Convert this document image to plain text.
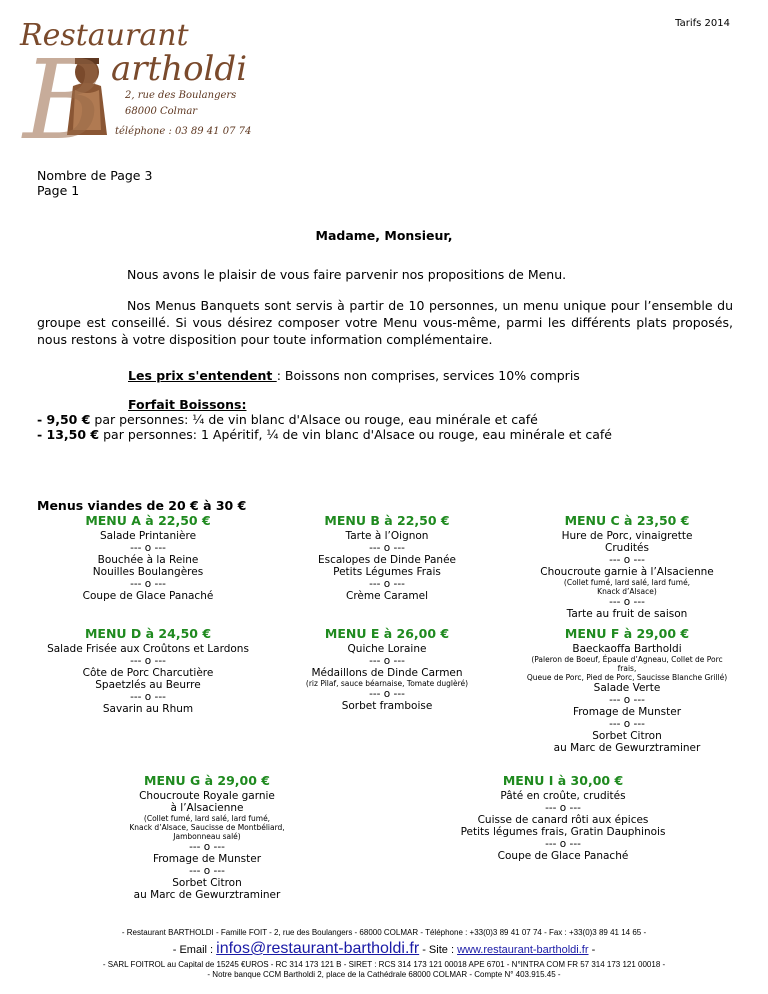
Restaurant
B artholdi
2, rue des Boulangers
68000 Colmar
téléphone : 03 89 41 07 74
Tarifs 2014
Nombre de Page 3
Page 1
Madame, Monsieur,
Nous avons le plaisir de vous faire parvenir nos propositions de Menu.
Nos Menus Banquets sont servis à partir de 10 personnes, un menu unique pour l’ensemble du groupe est conseillé. Si vous désirez composer votre Menu vous-même, parmi les différents plats proposés, nous restons à votre disposition pour toute information complémentaire.
Les prix s'entendent : Boissons non comprises, services 10% compris
Forfait Boissons:
- 9,50 € par personnes: ¼ de vin blanc d'Alsace ou rouge, eau minérale et café
- 13,50 € par personnes: 1 Apéritif, ¼ de vin blanc d'Alsace ou rouge, eau minérale et café
Menus viandes de 20 € à 30 €
MENU A à 22,50 €
Salade Printanière
--- o ---
Bouchée à la Reine
Nouilles Boulangères
--- o ---
Coupe de Glace Panaché
MENU B à 22,50 €
Tarte à l’Oignon
--- o ---
Escalopes de Dinde Panée
Petits Légumes Frais
--- o ---
Crème Caramel
MENU C à 23,50 €
Hure de Porc, vinaigrette
Crudités
--- o ---
Choucroute garnie à l’Alsacienne
(Collet fumé, lard salé, lard fumé,
Knack d’Alsace)
--- o ---
Tarte au fruit de saison
MENU D à 24,50 €
Salade Frisée aux Croûtons et Lardons
--- o ---
Côte de Porc Charcutière
Spaetzlés au Beurre
--- o ---
Savarin au Rhum
MENU E à 26,00 €
Quiche Loraine
--- o ---
Médaillons de Dinde Carmen
(riz Pilaf, sauce béarnaise, Tomate duglèré)
--- o ---
Sorbet framboise
MENU F à 29,00 €
Baeckaoffa Bartholdi
(Paleron de Boeuf, Épaule d’Agneau, Collet de Porc
frais,
Queue de Porc, Pied de Porc, Saucisse Blanche Grillé)
Salade Verte
--- o ---
Fromage de Munster
--- o ---
Sorbet Citron
au Marc de Gewurztraminer
MENU G à 29,00 €
Choucroute Royale garnie
à l’Alsacienne
(Collet fumé, lard salé, lard fumé,
Knack d’Alsace, Saucisse de Montbéliard,
Jambonneau salé)
--- o ---
Fromage de Munster
--- o ---
Sorbet Citron
au Marc de Gewurztraminer
MENU I à 30,00 €
Pâté en croûte, crudités
--- o ---
Cuisse de canard rôti aux épices
Petits légumes frais, Gratin Dauphinois
--- o ---
Coupe de Glace Panaché
- Restaurant BARTHOLDI - Famille FOIT - 2, rue des Boulangers - 68000 COLMAR - Téléphone : +33(0)3 89 41 07 74 - Fax : +33(0)3 89 41 14 65 -
- Email : infos@restaurant-bartholdi.fr - Site : www.restaurant-bartholdi.fr -
- SARL FOITROL au Capital de 15245 €UROS - RC 314 173 121 B - SIRET : RCS 314 173 121 00018 APE 6701 - N°INTRA COM FR 57 314 173 121 00018 -
- Notre banque CCM Bartholdi 2, place de la Cathédrale 68000 COLMAR - Compte N° 403.915.45 -
